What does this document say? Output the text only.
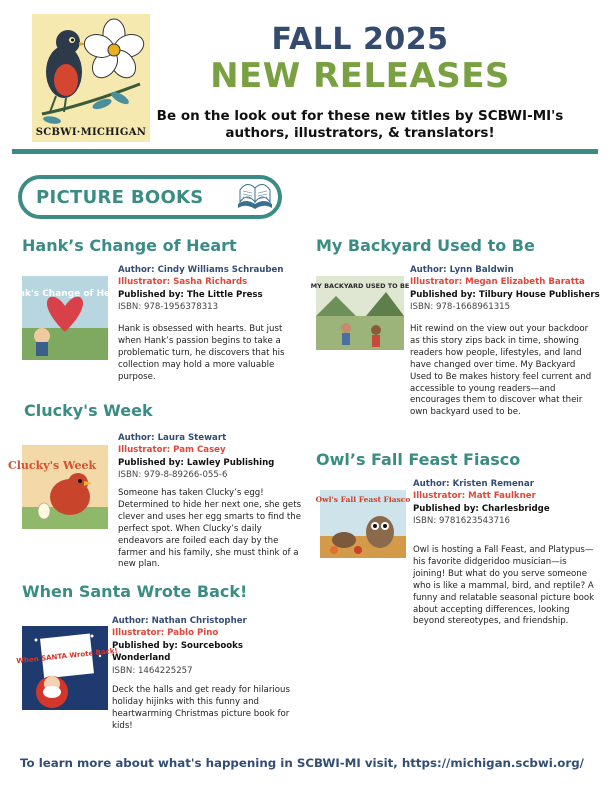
SCBWI·MICHIGAN
FALL 2025
NEW RELEASES
Be on the look out for these new titles by SCBWI-MI's authors, illustrators, & translators!
PICTURE BOOKS
Hank’s Change of Heart
Hank's Change of Heart
Author: Cindy Williams Schrauben
Illustrator: Sasha Richards
Published by: The Little Press
ISBN: 978-1956378313
Hank is obsessed with hearts. But just when Hank’s passion begins to take a problematic turn, he discovers that his collection may hold a more valuable purpose.
Clucky's Week
Clucky's Week
Author: Laura Stewart
Illustrator: Pam Casey
Published by: Lawley Publishing
ISBN: 979-8-89266-055-6
Someone has taken Clucky’s egg! Determined to hide her next one, she gets clever and uses her egg smarts to find the perfect spot. When Clucky’s daily endeavors are foiled each day by the farmer and his family, she must think of a new plan.
When Santa Wrote Back!
When SANTA Wrote Back!
Author: Nathan Christopher
Illustrator: Pablo Pino
Published by: Sourcebooks Wonderland
ISBN: 1464225257
Deck the halls and get ready for hilarious holiday hijinks with this funny and heartwarming Christmas picture book for kids!
My Backyard Used to Be
MY BACKYARD USED TO BE
Author: Lynn Baldwin
Illustrator: Megan Elizabeth Baratta
Published by: Tilbury House Publishers
ISBN: 978-1668961315
Hit rewind on the view out your backdoor as this story zips back in time, showing readers how people, lifestyles, and land have changed over time. My Backyard Used to Be makes history feel current and accessible to young readers—and encourages them to discover what their own backyard used to be.
Owl’s Fall Feast Fiasco
Owl's Fall Feast Fiasco
Author: Kristen Remenar
Illustrator: Matt Faulkner
Published by: Charlesbridge
ISBN: 9781623543716
Owl is hosting a Fall Feast, and Platypus—his favorite didgeridoo musician—is joining! But what do you serve someone who is like a mammal, bird, and reptile? A funny and relatable seasonal picture book about accepting differences, looking beyond stereotypes, and friendship.
To learn more about what's happening in SCBWI-MI visit, https://michigan.scbwi.org/
